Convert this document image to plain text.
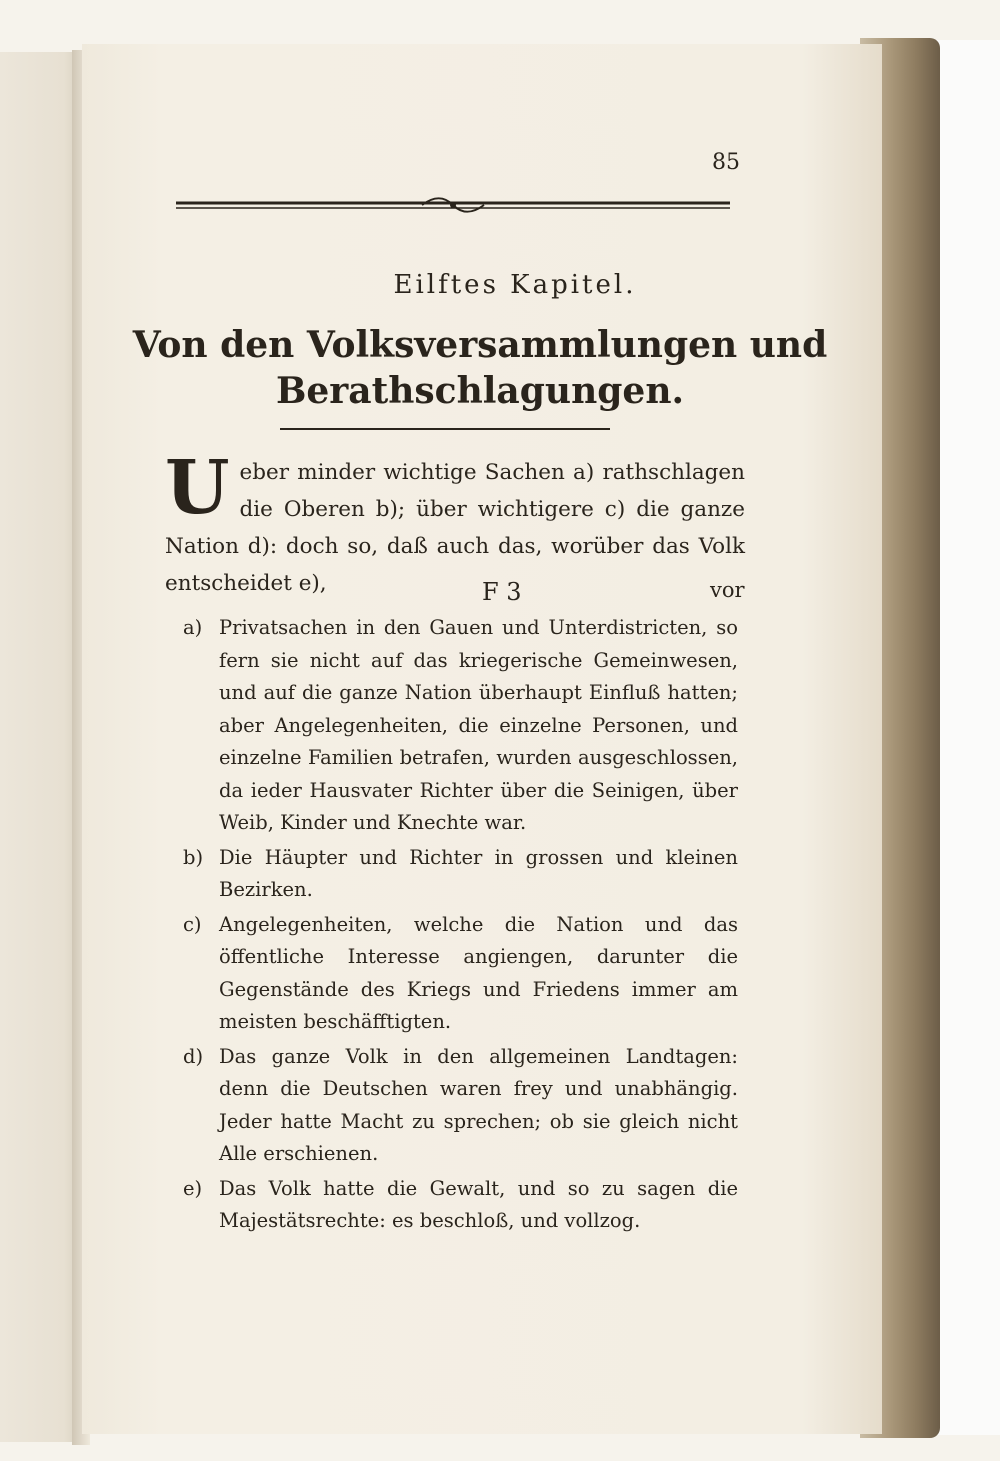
85
Eilftes Kapitel.
Von den Volksversammlungen und
Berathschlagungen.
U eber minder wichtige Sachen a) rathschlagen die Oberen b); über wichtigere c) die ganze Nation d): doch so, daß auch das, worüber das Volk entscheidet e),	F 3	vor
a) Privatsachen in den Gauen und Unterdistricten, so fern sie nicht auf das kriegerische Gemeinwesen, und auf die ganze Nation überhaupt Einfluß hatten; aber Angelegenheiten, die einzelne Personen, und einzelne Familien betrafen, wurden ausgeschlossen, da ieder Hausvater Richter über die Seinigen, über Weib, Kinder und Knechte war.
b) Die Häupter und Richter in grossen und kleinen Bezirken.
c) Angelegenheiten, welche die Nation und das öffentliche Interesse angiengen, darunter die Gegenstände des Kriegs und Friedens immer am meisten beschäfftigten.
d) Das ganze Volk in den allgemeinen Landtagen: denn die Deutschen waren frey und unabhängig. Jeder hatte Macht zu sprechen; ob sie gleich nicht Alle erschienen.
e) Das Volk hatte die Gewalt, und so zu sagen die Majestätsrechte: es beschloß, und vollzog.
